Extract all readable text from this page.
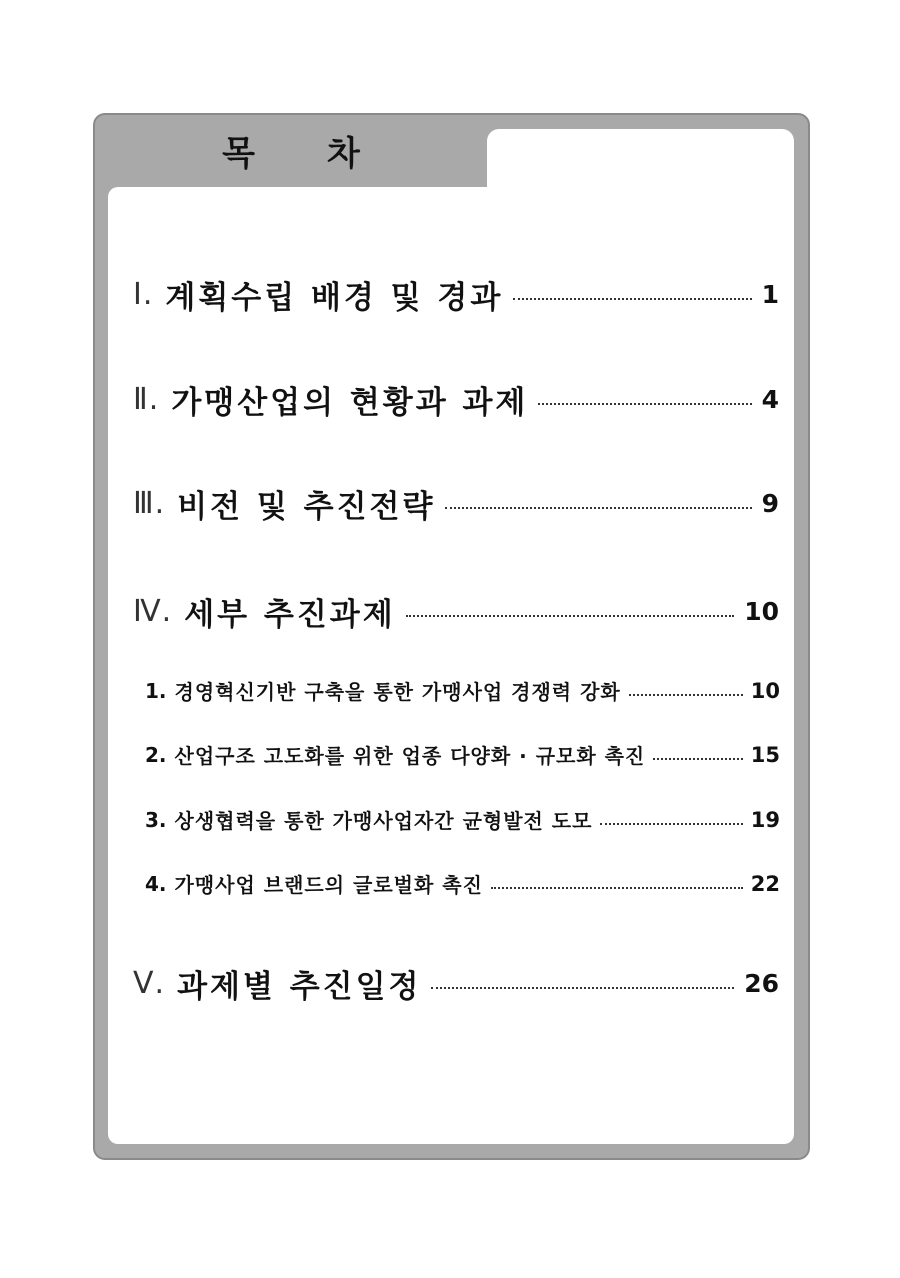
목 차
Ⅰ. 계획수립 배경 및 경과	1
Ⅱ. 가맹산업의 현황과 과제	4
Ⅲ. 비전 및 추진전략	9
Ⅳ. 세부 추진과제	10
1. 경영혁신기반 구축을 통한 가맹사업 경쟁력 강화	10
2. 산업구조 고도화를 위한 업종 다양화 · 규모화 촉진	15
3. 상생협력을 통한 가맹사업자간 균형발전 도모	19
4. 가맹사업 브랜드의 글로벌화 촉진	22
Ⅴ. 과제별 추진일정	26
